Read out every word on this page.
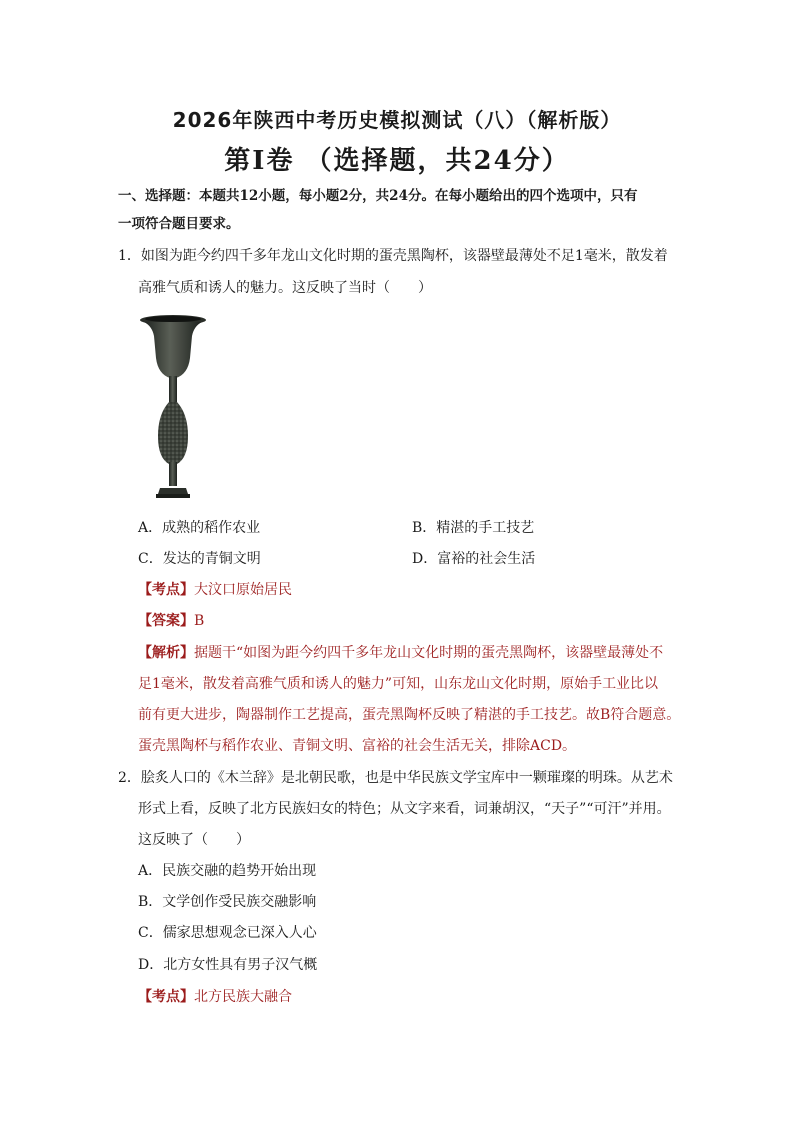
2026年陕西中考历史模拟测试（八）（解析版）
第Ⅰ卷 （选择题，共24分）
一、选择题：本题共12小题，每小题2分，共24分。在每小题给出的四个选项中，只有
一项符合题目要求。
1．如图为距今约四千多年龙山文化时期的蛋壳黑陶杯，该器壁最薄处不足1毫米，散发着
高雅气质和诱人的魅力。这反映了当时（　　）
A．成熟的稻作农业	B．精湛的手工技艺
C．发达的青铜文明	D．富裕的社会生活
【考点】大汶口原始居民
【答案】B
【解析】据题干“如图为距今约四千多年龙山文化时期的蛋壳黑陶杯，该器壁最薄处不
足1毫米，散发着高雅气质和诱人的魅力”可知，山东龙山文化时期，原始手工业比以
前有更大进步，陶器制作工艺提高，蛋壳黑陶杯反映了精湛的手工技艺。故B符合题意。
蛋壳黑陶杯与稻作农业、青铜文明、富裕的社会生活无关，排除ACD。
2．脍炙人口的《木兰辞》是北朝民歌，也是中华民族文学宝库中一颗璀璨的明珠。从艺术
形式上看，反映了北方民族妇女的特色；从文字来看，词兼胡汉，“天子”“可汗”并用。
这反映了（　　）
A．民族交融的趋势开始出现
B．文学创作受民族交融影响
C．儒家思想观念已深入人心
D．北方女性具有男子汉气概
【考点】北方民族大融合
